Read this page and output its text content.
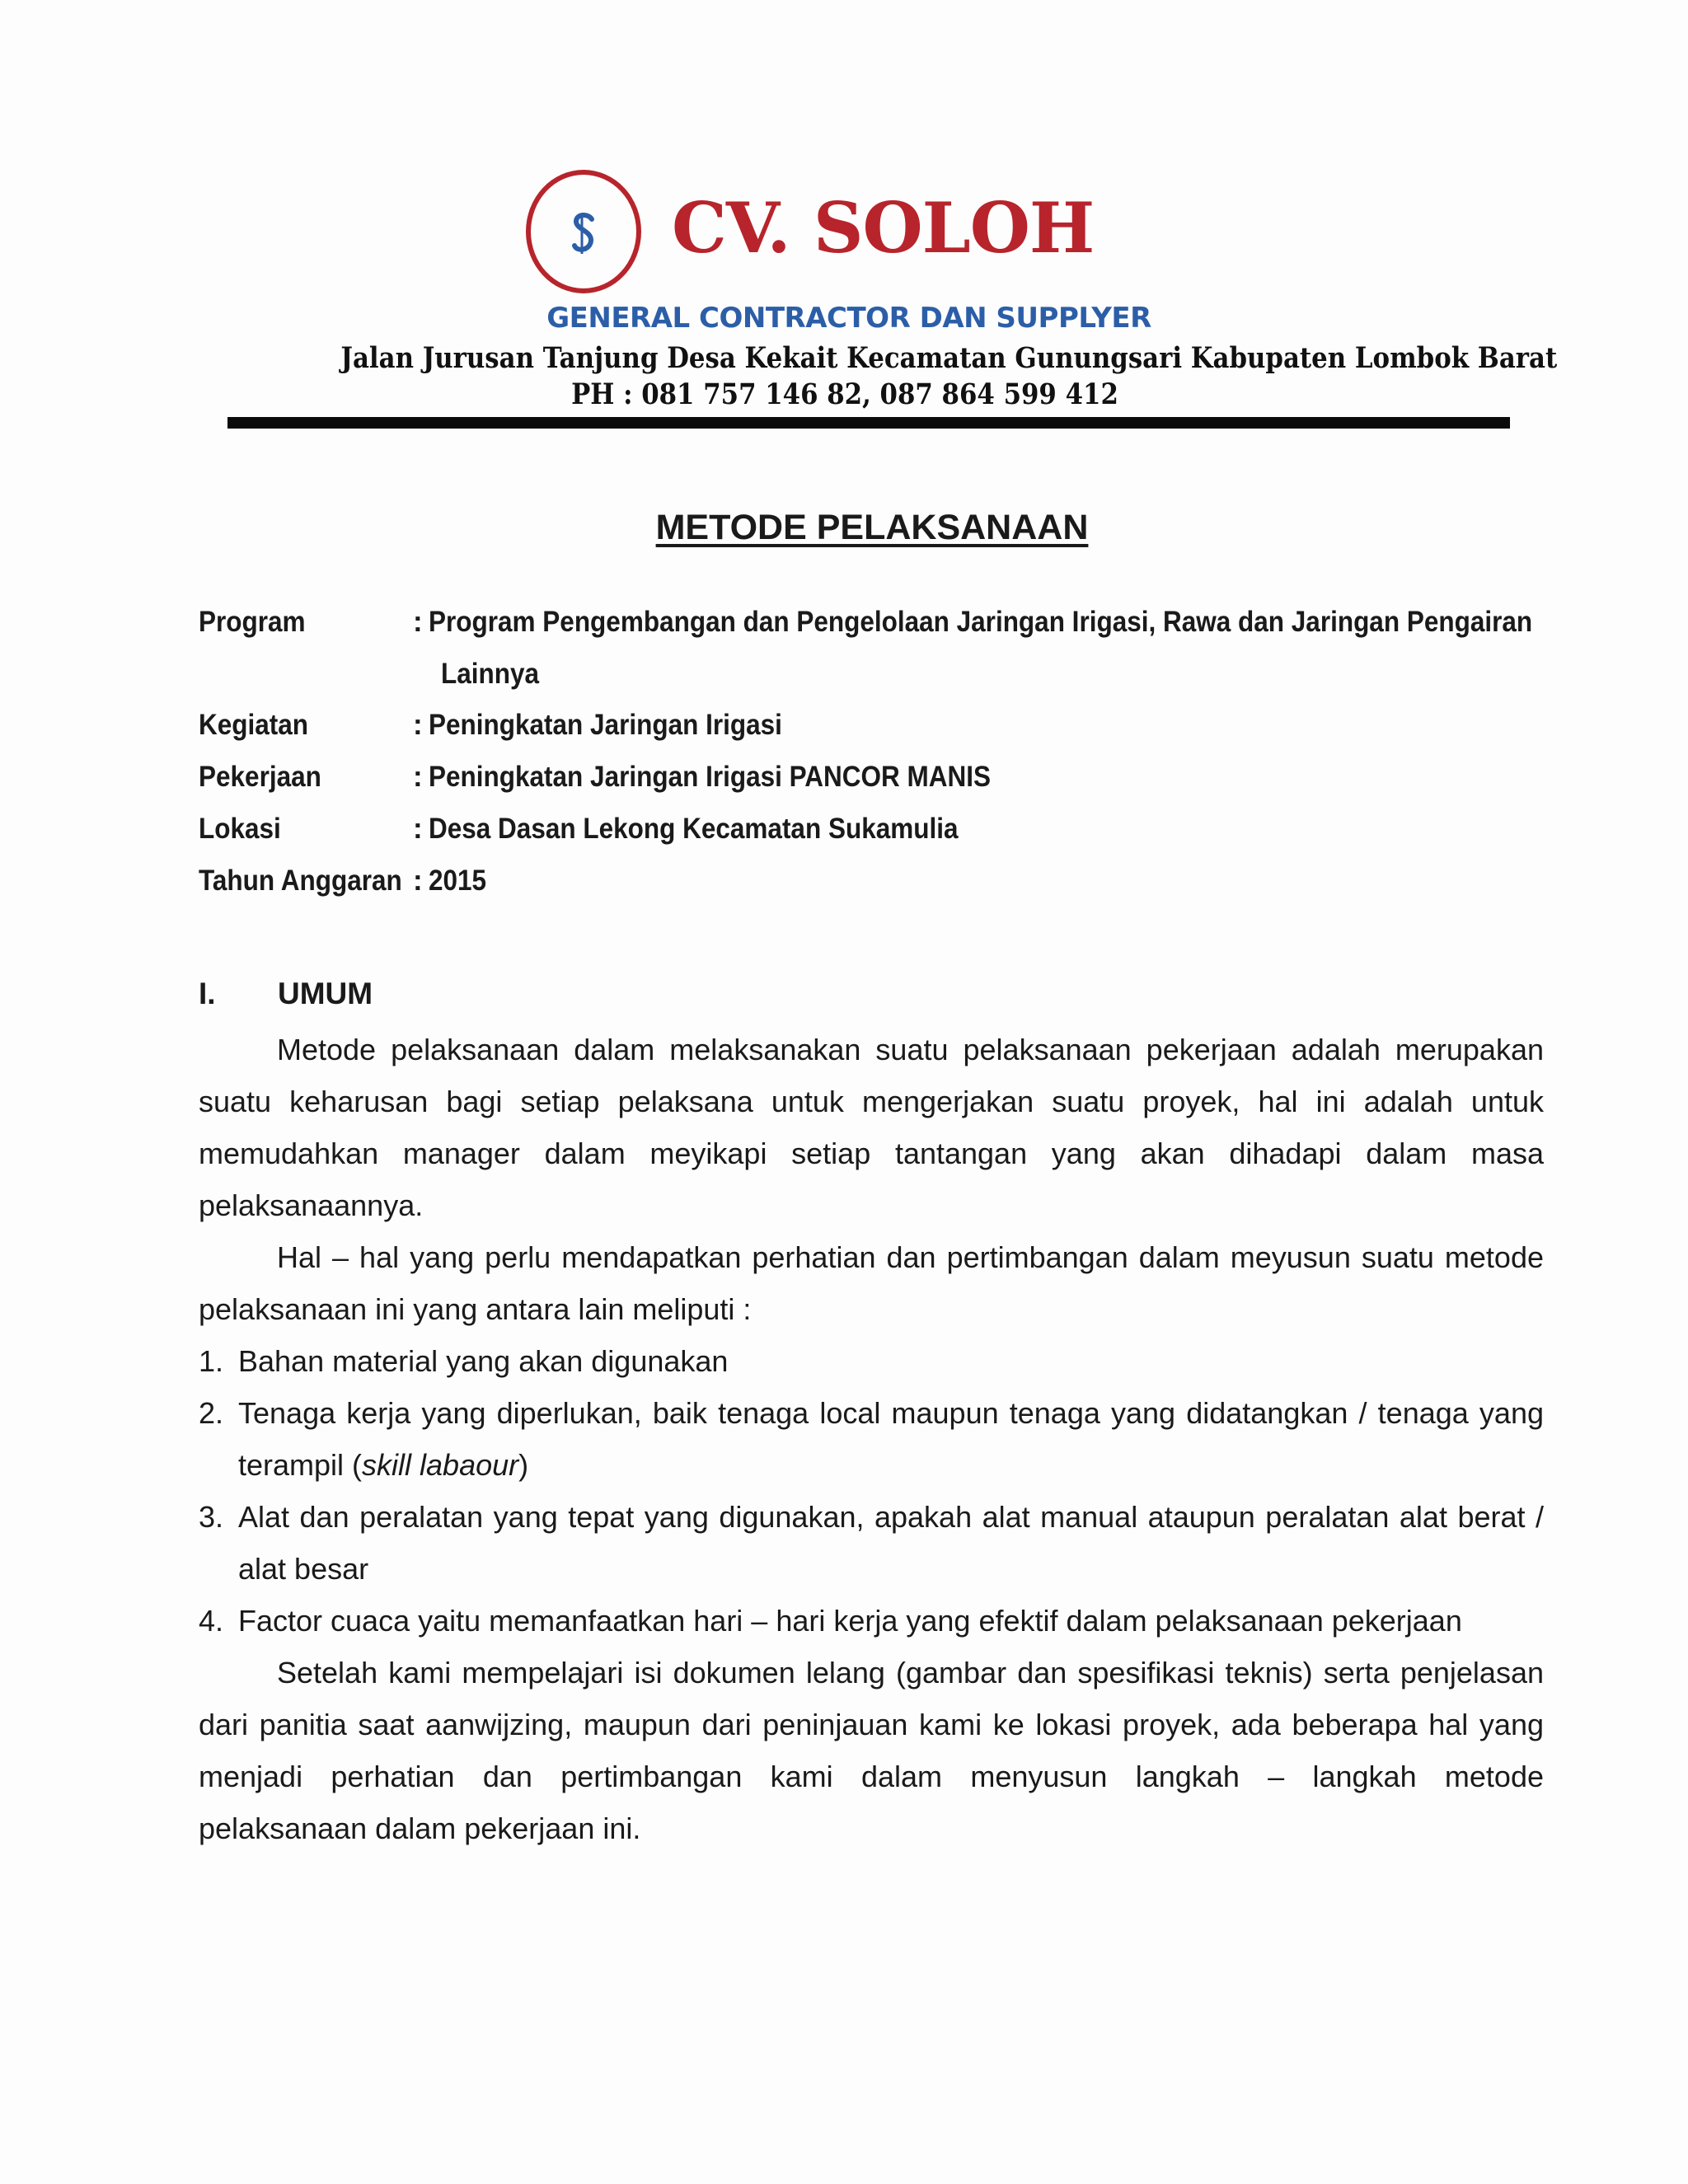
CV. SOLOH
GENERAL CONTRACTOR DAN SUPPLYER
Jalan Jurusan Tanjung Desa Kekait Kecamatan Gunungsari Kabupaten Lombok Barat
PH : 081 757 146 82, 087 864 599 412
METODE PELAKSANAAN
Program	: Program Pengembangan dan Pengelolaan Jaringan Irigasi, Rawa dan Jaringan Pengairan
Lainnya
Kegiatan	: Peningkatan Jaringan Irigasi
Pekerjaan	: Peningkatan Jaringan Irigasi PANCOR MANIS
Lokasi	: Desa Dasan Lekong Kecamatan Sukamulia
Tahun Anggaran : 2015
I. UMUM
Metode pelaksanaan dalam melaksanakan suatu pelaksanaan pekerjaan adalah merupakan
suatu keharusan bagi setiap pelaksana untuk mengerjakan suatu proyek, hal ini adalah untuk
memudahkan manager dalam meyikapi setiap tantangan yang akan dihadapi dalam masa
pelaksanaannya.
Hal – hal yang perlu mendapatkan perhatian dan pertimbangan dalam meyusun suatu metode
pelaksanaan ini yang antara lain meliputi :
1. Bahan material yang akan digunakan
2. Tenaga kerja yang diperlukan, baik tenaga local maupun tenaga yang didatangkan / tenaga yang
terampil (skill labaour)
3. Alat dan peralatan yang tepat yang digunakan, apakah alat manual ataupun peralatan alat berat /
alat besar
4. Factor cuaca yaitu memanfaatkan hari – hari kerja yang efektif dalam pelaksanaan pekerjaan
Setelah kami mempelajari isi dokumen lelang (gambar dan spesifikasi teknis) serta penjelasan
dari panitia saat aanwijzing, maupun dari peninjauan kami ke lokasi proyek, ada beberapa hal yang
menjadi perhatian dan pertimbangan kami dalam menyusun langkah – langkah metode
pelaksanaan dalam pekerjaan ini.
